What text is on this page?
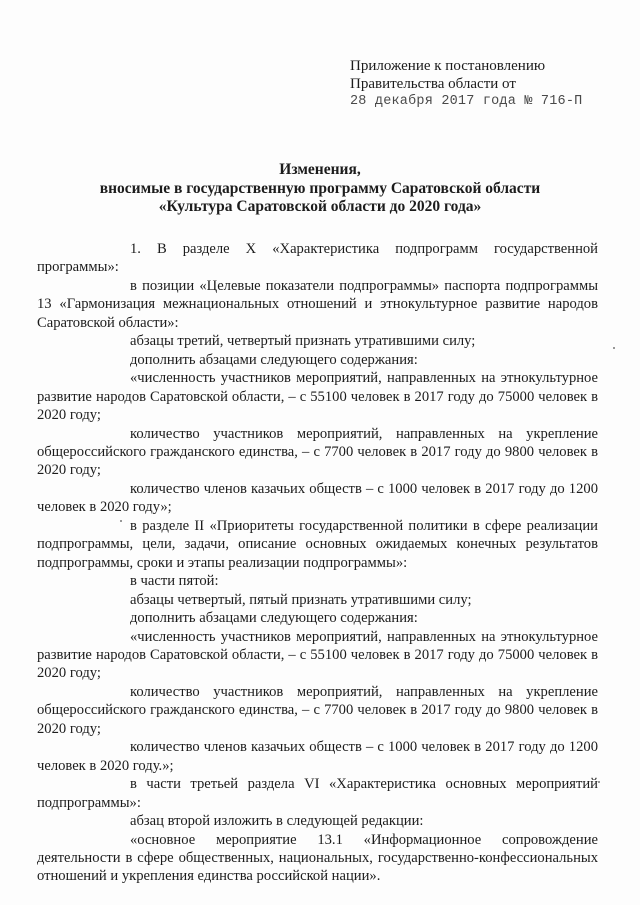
Приложение к постановлению
Правительства области от
28 декабря 2017 года № 716-П
Изменения,
вносимые в государственную программу Саратовской области
«Культура Саратовской области до 2020 года»

1. В разделе X «Характеристика подпрограмм государственной программы»:

в позиции «Целевые показатели подпрограммы» паспорта подпрограммы 13 «Гармонизация межнациональных отношений и этнокультурное развитие народов Саратовской области»:

абзацы третий, четвертый признать утратившими силу;

дополнить абзацами следующего содержания:

«численность участников мероприятий, направленных на этнокультурное развитие народов Саратовской области, – с 55100 человек в 2017 году до 75000 человек в 2020 году;

количество участников мероприятий, направленных на укрепление общероссийского гражданского единства, – с 7700 человек в 2017 году до 9800 человек в 2020 году;

количество членов казачьих обществ – с 1000 человек в 2017 году до 1200 человек в 2020 году»;

в разделе II «Приоритеты государственной политики в сфере реализации подпрограммы, цели, задачи, описание основных ожидаемых конечных результатов подпрограммы, сроки и этапы реализации подпрограммы»:

в части пятой:

абзацы четвертый, пятый признать утратившими силу;

дополнить абзацами следующего содержания:

«численность участников мероприятий, направленных на этнокультурное развитие народов Саратовской области, – с 55100 человек в 2017 году до 75000 человек в 2020 году;

количество участников мероприятий, направленных на укрепление общероссийского гражданского единства, – с 7700 человек в 2017 году до 9800 человек в 2020 году;

количество членов казачьих обществ – с 1000 человек в 2017 году до 1200 человек в 2020 году.»;

в части третьей раздела VI «Характеристика основных мероприятий подпрограммы»:

абзац второй изложить в следующей редакции:

«основное мероприятие 13.1 «Информационное сопровождение деятельности в сфере общественных, национальных, государственно-конфессиональных отношений и укрепления единства российской нации».
